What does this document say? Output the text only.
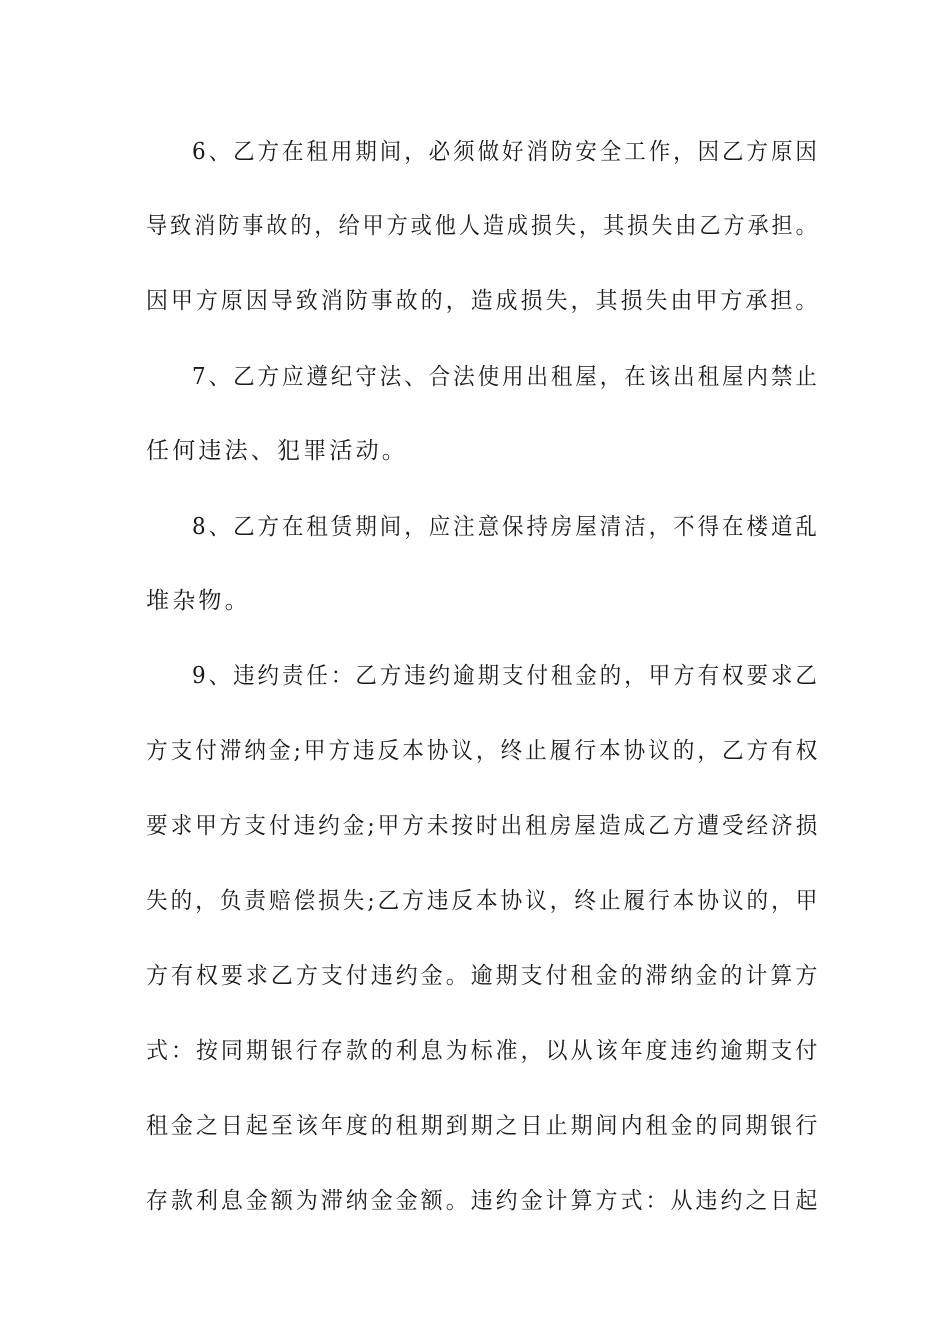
6、乙方在租用期间，必须做好消防安全工作，因乙方原因
导致消防事故的，给甲方或他人造成损失，其损失由乙方承担。
因甲方原因导致消防事故的，造成损失，其损失由甲方承担。
7、乙方应遵纪守法、合法使用出租屋，在该出租屋内禁止
任何违法、犯罪活动。
8、乙方在租赁期间，应注意保持房屋清洁，不得在楼道乱
堆杂物。
9、违约责任：乙方违约逾期支付租金的，甲方有权要求乙
方支付滞纳金;甲方违反本协议，终止履行本协议的，乙方有权
要求甲方支付违约金;甲方未按时出租房屋造成乙方遭受经济损
失的，负责赔偿损失;乙方违反本协议，终止履行本协议的，甲
方有权要求乙方支付违约金。逾期支付租金的滞纳金的计算方
式：按同期银行存款的利息为标准，以从该年度违约逾期支付
租金之日起至该年度的租期到期之日止期间内租金的同期银行
存款利息金额为滞纳金金额。违约金计算方式：从违约之日起
